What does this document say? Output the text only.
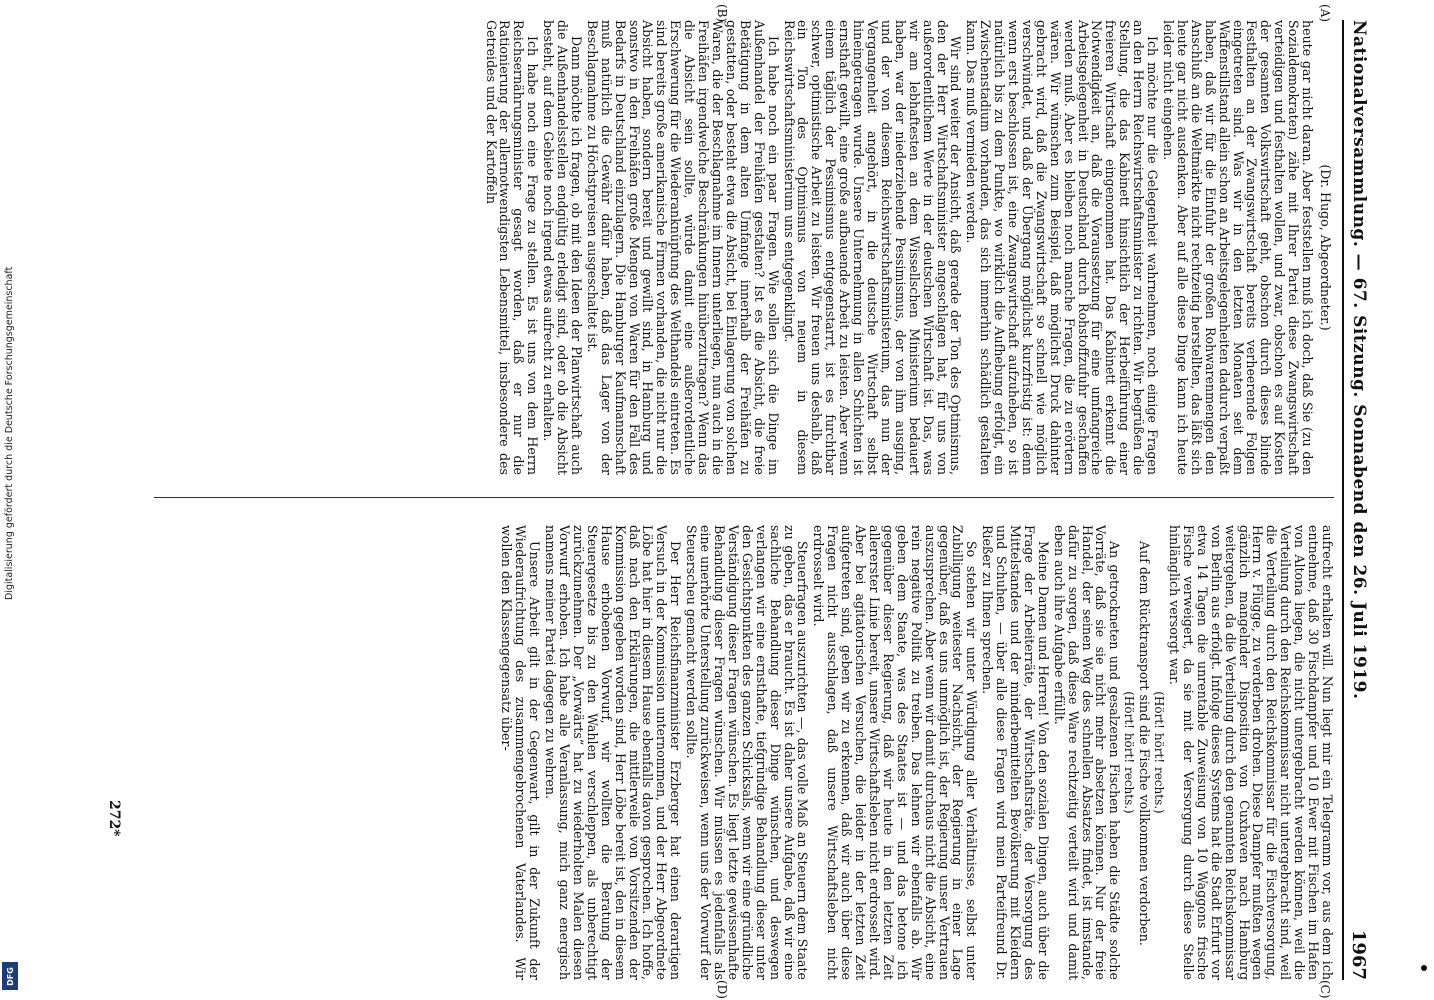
Nationalversammlung. — 67. Sitzung. Sonnabend den 26. Juli 1919.
1967
(A)
(B)
(C)
(D)
(Dr. Hugo, Abgeordneter.)

heute gar nicht daran. Aber feststellen muß ich doch, daß Sie (zu den Sozialdemokraten) zähe mit Ihrer Partei diese Zwangswirtschaft verteidigen und festhalten wollen, und zwar, obschon es auf Kosten der gesamten Volkswirtschaft geht, obschon durch dieses blinde Festhalten an der Zwangswirtschaft bereits verheerende Folgen eingetreten sind. Was wir in den letzten Monaten seit dem Waffenstillstand allein schon an Arbeitsgelegenheiten dadurch verpaßt haben, daß wir für die Einfuhr der großen Rohwarenmengen den Anschluß an die Weltmärkte nicht rechtzeitig herstellten, das läßt sich heute gar nicht ausdenken. Aber auf alle diese Dinge kann ich heute leider nicht eingehen.

Ich möchte nur die Gelegenheit wahrnehmen, noch einige Fragen an den Herrn Reichswirtschaftsminister zu richten. Wir begrüßen die Stellung, die das Kabinett hinsichtlich der Herbeiführung einer freieren Wirtschaft eingenommen hat. Das Kabinett erkennt die Notwendigkeit an, daß die Voraussetzung für eine umfangreiche Arbeitsgelegenheit in Deutschland durch Rohstoffzufuhr geschaffen werden muß. Aber es bleiben noch manche Fragen, die zu erörtern wären. Wir wünschen zum Beispiel, daß möglichst Druck dahinter gebracht wird, daß die Zwangswirtschaft so schnell wie möglich verschwindet, und daß der Übergang möglichst kurzfristig ist: denn wenn erst beschlossen ist, eine Zwangswirtschaft aufzuheben, so ist natürlich bis zu dem Punkte, wo wirklich die Aufhebung erfolgt, ein Zwischenstadium vorhanden, das sich immerhin schädlich gestalten kann. Das muß vermieden werden.

Wir sind weiter der Ansicht, daß gerade der Ton des Optimismus, den der Herr Wirtschaftsminister angeschlagen hat, für uns von außerordentlichem Werte in der deutschen Wirtschaft ist. Das, was wir am lebhaftesten an dem Wissellschen Ministerium bedauert haben, war der niederziehende Pessimismus, der von ihm ausging, und der von diesem Reichswirtschaftsministerium, das nun der Vergangenheit angehört, in die deutsche Wirtschaft selbst hineingetragen wurde. Unsere Unternehmung in allen Schichten ist ernsthaft gewillt, eine große aufbauende Arbeit zu leisten. Aber wenn einem täglich der Pessimismus entgegenstarrt, ist es furchtbar schwer, optimistische Arbeit zu leisten. Wir freuen uns deshalb, daß ein Ton des Optimismus von neuem in diesem Reichswirtschaftsministerium uns entgegenklingt.

Ich habe noch ein paar Fragen. Wie sollen sich die Dinge im Außenhandel der Freihäfen gestalten? Ist es die Absicht, die freie Betätigung in dem alten Umfange innerhalb der Freihäfen zu gestatten, oder besteht etwa die Absicht, bei Einlagerung von solchen Waren, die der Beschlagnahme im Innern unterliegen, nun auch in die Freihäfen irgendwelche Beschränkungen hinüberzutragen? Wenn das die Absicht sein sollte, würde damit eine außerordentliche Erschwerung für die Wiederanknüpfung des Welthandels eintreten. Es sind bereits große amerikanische Firmen vorhanden, die nicht nur die Absicht haben, sondern bereit und gewillt sind, in Hamburg und sonstwo in den Freihäfen große Mengen von Waren für den Fall des Bedarfs in Deutschland einzulagern. Die Hamburger Kaufmannschaft muß natürlich die Gewähr dafür haben, daß das Lager von der Beschlagnahme zu Höchstpreisen ausgeschaltet ist.

Dann möchte ich fragen, ob mit den Ideen der Planwirtschaft auch die Außenhandelsstellen endgültig erledigt sind, oder ob die Absicht besteht, auf dem Gebiete noch irgend etwas aufrecht zu erhalten.

Ich habe noch eine Frage zu stellen. Es ist uns von dem Herrn Reichsernährungsminister gesagt worden, daß er nur die Rationierung der allernotwendigsten Lebensmittel, insbesondere des Getreides und der Kartoffeln

aufrecht erhalten will. Nun liegt mir ein Telegramm vor, aus dem ich entnehme, daß 30 Fischdampfer und 10 Ewer mit Fischen im Hafen von Altona liegen, die nicht untergebracht werden können, weil die Verteilung durch den Reichskommissar nicht untergebracht sind, weil die Verteilung durch den Reichskommissar für die Fischversorgung, Herrn v. Flügge, zu verderben drohen. Diese Dampfer mußten wegen gänzlich mangelnder Disposition von Cuxhaven nach Hamburg weitergehen, da die Verteilung durch den genannten Reichskommissar von Berlin aus erfolgt. Infolge dieses Systems hat die Stadt Erfurt vor etwa 14 Tagen die unrentable Zuweisung von 10 Waggons frische Fische verweigert, da sie mit der Versorgung durch diese Stelle hinlänglich versorgt war.

(Hört! hört! rechts.)

Auf dem Rücktransport sind die Fische vollkommen verdorben.

(Hört! hört! rechts.)

An getrockneten und gesalzenen Fischen haben die Städte solche Vorräte, daß sie sie nicht mehr absetzen können. Nur der freie Handel, der seinen Weg des schnellen Absatzes findet, ist imstande, dafür zu sorgen, daß diese Ware rechtzeitig verteilt wird und damit eben auch ihre Aufgabe erfüllt.

Meine Damen und Herren! Von den sozialen Dingen, auch über die Frage der Arbeiterräte, der Wirtschaftsräte, der Versorgung des Mittelstandes und der minderbemittelten Bevölkerung mit Kleidern und Schuhen, — über alle diese Fragen wird mein Parteifreund Dr. Rießer zu Ihnen sprechen.

So stehen wir unter Würdigung aller Verhältnisse, selbst unter Zubilligung weitester Nachsicht, der Regierung in einer Lage gegenüber, daß es uns unmöglich ist, der Regierung unser Vertrauen auszusprechen. Aber wenn wir damit durchaus nicht die Absicht, eine rein negative Politik zu treiben. Das lehnen wir ebenfalls ab. Wir geben dem Staate, was des Staates ist — und das betone ich gegenüber dieser Regierung, daß wir heute in den letzten Zeit allererster Linie bereit, unsere Wirtschaftsleben nicht erdrosselt wird. Aber bei agitatorischen Versuchen, die leider in der letzten Zeit aufgetreten sind, geben wir zu erkennen, daß wir auch über diese Fragen nicht ausschlagen, daß unsere Wirtschaftsleben nicht erdrosselt wird.

Steuerfragen auszurichten —, das volle Maß an Steuern dem Staate zu geben, das er braucht. Es ist daher unsere Aufgabe, daß wir eine sachliche Behandlung dieser Dinge wünschen, und deswegen verlangen wir eine ernsthafte, tiefgründige Behandlung dieser unter den Gesichtspunkten des ganzen Schicksals, wenn wir eine gründliche Verständigung dieser Fragen wünschen. Es liegt letzte gewissenhafte Behandlung dieser Fragen wünschen. Wir müssen es jedenfalls als eine unerhörte Unterstellung zurückweisen, wenn uns der Vorwurf der Steuerscheu gemacht werden sollte.

Der Herr Reichsfinanzminister Erzberger hat einen derartigen Versuch in der Kommission unternommen, und der Herr Abgeordnete Löbe hat hier in diesem Hause ebenfalls davon gesprochen. Ich hoffe, daß nach den Erklärungen, die mittlerweile von Vorsitzenden der Kommission gegeben worden sind, Herr Löbe bereit ist, den in diesem Hause erhobenen Vorwurf, wir wollten die Beratung der Steuergesetze bis zu den Wahlen verschleppen, als unberechtigt zurückzunehmen. Der „Vorwärts“ hat zu wiederholten Malen diesen Vorwurf erhoben. Ich habe alle Veranlassung, mich ganz energisch namens meiner Partei dagegen zu wehren.

Unsere Arbeit gilt in der Gegenwart, gilt in der Zukunft der Wiederaufrichtung des zusammengebrochenen Vaterlandes. Wir wollen den Klassengegensatz über-

272*
Digitalisierung gefördert durch die Deutsche Forschungsgemeinschaft
DFG
